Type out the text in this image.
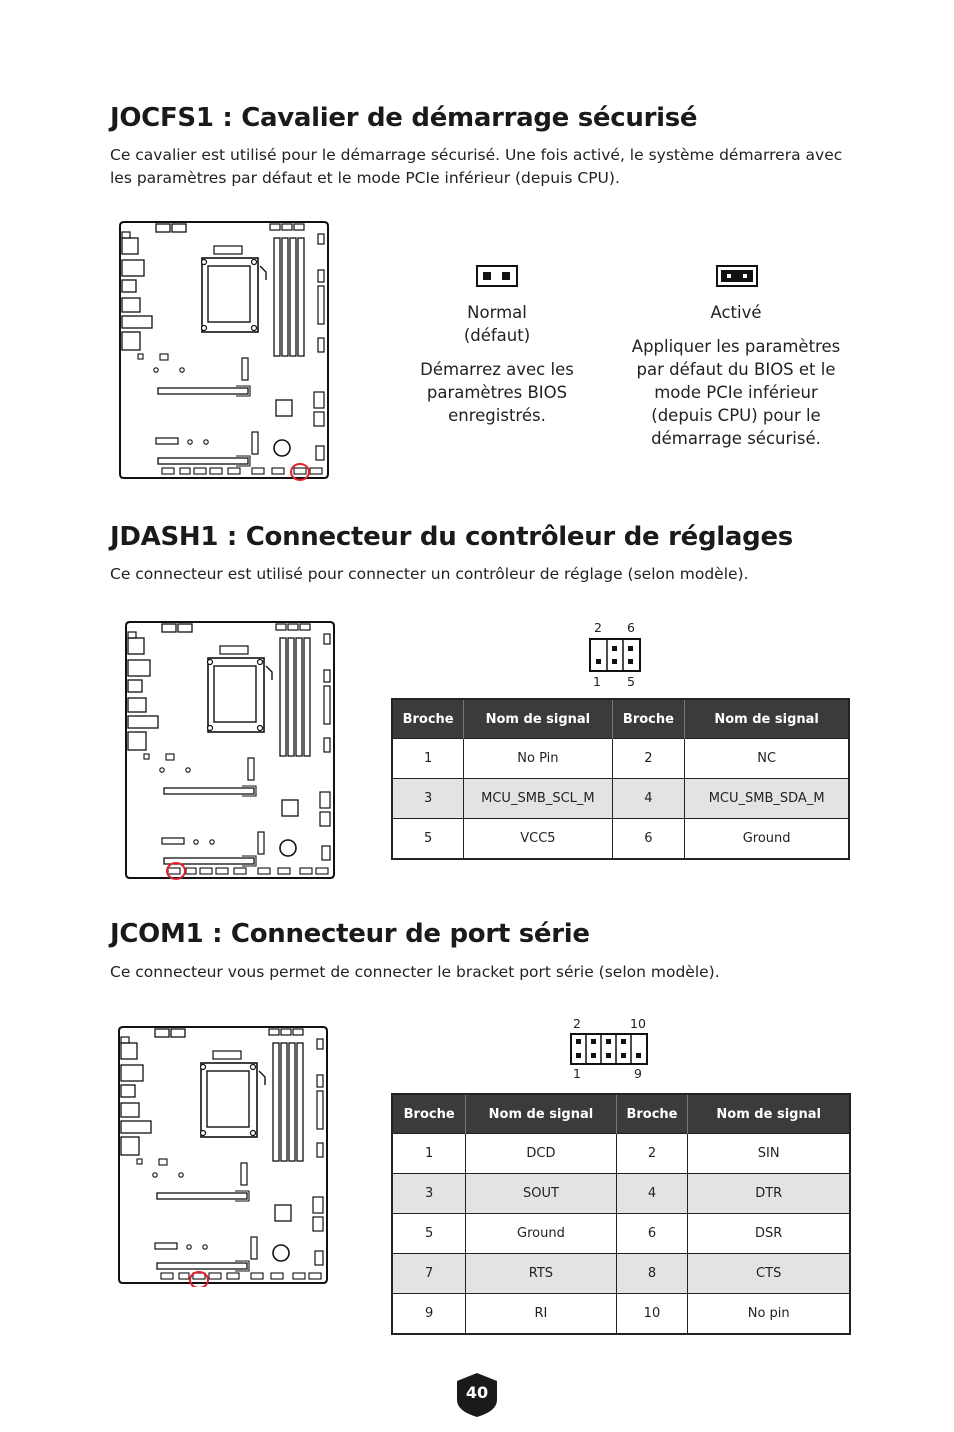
JOCFS1 : Cavalier de démarrage sécurisé
Ce cavalier est utilisé pour le démarrage sécurisé. Une fois activé, le système démarrera avec les paramètres par défaut et le mode PCIe inférieur (depuis CPU).
Normal (défaut)
Démarrez avec les paramètres BIOS enregistrés.
Activé
Appliquer les paramètres par défaut du BIOS et le mode PCIe inférieur (depuis CPU) pour le démarrage sécurisé.
JDASH1 : Connecteur du contrôleur de réglages
Ce connecteur est utilisé pour connecter un contrôleur de réglage (selon modèle).
2 6
1 5
Broche	Nom de signal	Broche	Nom de signal
1	No Pin	2	NC
3	MCU_SMB_SCL_M	4	MCU_SMB_SDA_M
5	VCC5	6	Ground
JCOM1 : Connecteur de port série
Ce connecteur vous permet de connecter le bracket port série (selon modèle).
2	10
1	9
Broche	Nom de signal	Broche	Nom de signal
1	DCD	2	SIN
3	SOUT	4	DTR
5	Ground	6	DSR
7	RTS	8	CTS
9	RI	10	No pin
40
